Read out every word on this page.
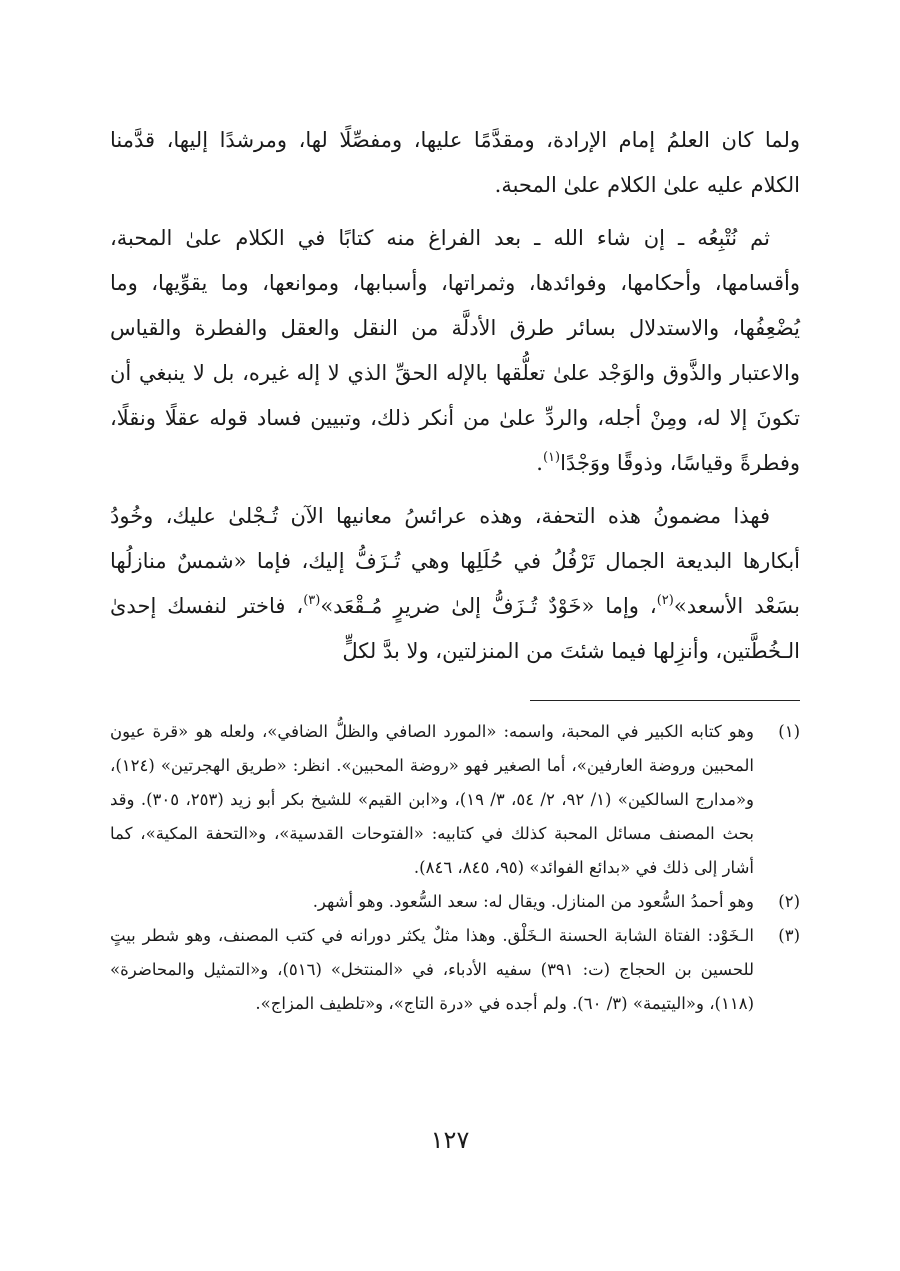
ولما كان العلمُ إمام الإرادة، ومقدَّمًا عليها، ومفصِّلًا لها، ومرشدًا إليها، قدَّمنا الكلام عليه علىٰ الكلام علىٰ المحبة.

ثم نُتْبِعُه ـ إن شاء الله ـ بعد الفراغ منه كتابًا في الكلام علىٰ المحبة، وأقسامها، وأحكامها، وفوائدها، وثمراتها، وأسبابها، وموانعها، وما يقوِّيها، وما يُضْعِفُها، والاستدلال بسائر طرق الأدلَّة من النقل والعقل والفطرة والقياس والاعتبار والذَّوق والوَجْد علىٰ تعلُّقها بالإله الحقِّ الذي لا إله غيره، بل لا ينبغي أن تكونَ إلا له، ومِنْ أجله، والردِّ علىٰ من أنكر ذلك، وتبيين فساد قوله عقلًا ونقلًا، وفطرةً وقياسًا، وذوقًا ووَجْدًا$^{(١)}$.

فهذا مضمونُ هذه التحفة، وهذه عرائسُ معانيها الآن تُـجْلىٰ عليك، وخُودُ أبكارها البديعة الجمال تَرْفُلُ في حُلَلِها وهي تُـزَفُّ إليك، فإما «شمسٌ منازلُها بسَعْد الأسعد»$^{(٢)}$، وإما «خَوْدٌ تُـزَفُّ إلىٰ ضريرٍ مُـقْعَد»$^{(٣)}$، فاختر لنفسك إحدىٰ الـخُطَّتين، وأنزِلها فيما شئتَ من المنزلتين، ولا بدَّ لكلٍّ

(١)
وهو كتابه الكبير في المحبة، واسمه: «المورد الصافي والظلُّ الضافي»، ولعله هو «قرة عيون المحبين وروضة العارفين»، أما الصغير فهو «روضة المحبين». انظر: «طريق الهجرتين» (١٢٤)، و«مدارج السالكين» (١/ ٩٢، ٢/ ٥٤، ٣/ ١٩)، و«ابن القيم» للشيخ بكر أبو زيد (٢٥٣، ٣٠٥). وقد بحث المصنف مسائل المحبة كذلك في كتابيه: «الفتوحات القدسية»، و«التحفة المكية»، كما أشار إلى ذلك في «بدائع الفوائد» (٩٥، ٨٤٥، ٨٤٦).
(٢)
وهو أحمدُ السُّعود من المنازل. ويقال له: سعد السُّعود. وهو أشهر.
(٣)
الـخَوْد: الفتاة الشابة الحسنة الـخَلْق. وهذا مثلٌ يكثر دورانه في كتب المصنف، وهو شطر بيتٍ للحسين بن الحجاج (ت: ٣٩١) سفيه الأدباء، في «المنتخل» (٥١٦)، و«التمثيل والمحاضرة» (١١٨)، و«اليتيمة» (٣/ ٦٠). ولم أجده في «درة التاج»، و«تلطيف المزاج».
١٢٧
